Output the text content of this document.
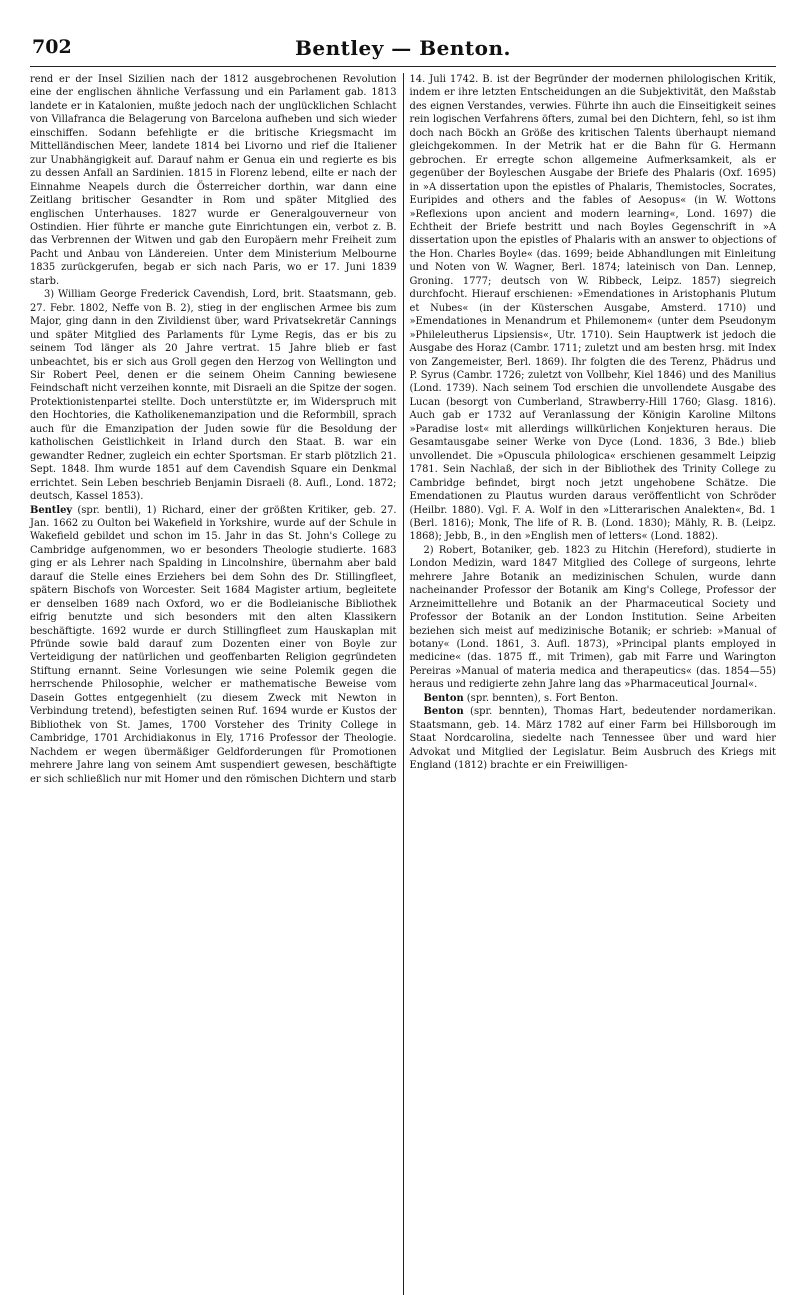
702	Bentley — Benton.

rend er der Insel Sizilien nach der 1812 ausgebrochenen Revolution eine der englischen ähnliche Verfassung und ein Parlament gab. 1813 landete er in Katalonien, mußte jedoch nach der unglücklichen Schlacht von Villafranca die Belagerung von Barcelona aufheben und sich wieder einschiffen. Sodann befehligte er die britische Kriegsmacht im Mittelländischen Meer, landete 1814 bei Livorno und rief die Italiener zur Unabhängigkeit auf. Darauf nahm er Genua ein und regierte es bis zu dessen Anfall an Sardinien. 1815 in Florenz lebend, eilte er nach der Einnahme Neapels durch die Österreicher dorthin, war dann eine Zeitlang britischer Gesandter in Rom und später Mitglied des englischen Unterhauses. 1827 wurde er Generalgouverneur von Ostindien. Hier führte er manche gute Einrichtungen ein, verbot z. B. das Verbrennen der Witwen und gab den Europäern mehr Freiheit zum Pacht und Anbau von Ländereien. Unter dem Ministerium Melbourne 1835 zurückgerufen, begab er sich nach Paris, wo er 17. Juni 1839 starb.

3) William George Frederick Cavendish, Lord, brit. Staatsmann, geb. 27. Febr. 1802, Neffe von B. 2), stieg in der englischen Armee bis zum Major, ging dann in den Zivildienst über, ward Privatsekretär Cannings und später Mitglied des Parlaments für Lyme Regis, das er bis zu seinem Tod länger als 20 Jahre vertrat. 15 Jahre blieb er fast unbeachtet, bis er sich aus Groll gegen den Herzog von Wellington und Sir Robert Peel, denen er die seinem Oheim Canning bewiesene Feindschaft nicht verzeihen konnte, mit Disraeli an die Spitze der sogen. Protektionistenpartei stellte. Doch unterstützte er, im Widerspruch mit den Hochtories, die Katholikenemanzipation und die Reformbill, sprach auch für die Emanzipation der Juden sowie für die Besoldung der katholischen Geistlichkeit in Irland durch den Staat. B. war ein gewandter Redner, zugleich ein echter Sportsman. Er starb plötzlich 21. Sept. 1848. Ihm wurde 1851 auf dem Cavendish Square ein Denkmal errichtet. Sein Leben beschrieb Benjamin Disraeli (8. Aufl., Lond. 1872; deutsch, Kassel 1853).

Bentley (spr. bentli), 1) Richard, einer der größten Kritiker, geb. 27. Jan. 1662 zu Oulton bei Wakefield in Yorkshire, wurde auf der Schule in Wakefield gebildet und schon im 15. Jahr in das St. John's College zu Cambridge aufgenommen, wo er besonders Theologie studierte. 1683 ging er als Lehrer nach Spalding in Lincolnshire, übernahm aber bald darauf die Stelle eines Erziehers bei dem Sohn des Dr. Stillingfleet, spätern Bischofs von Worcester. Seit 1684 Magister artium, begleitete er denselben 1689 nach Oxford, wo er die Bodleianische Bibliothek eifrig benutzte und sich besonders mit den alten Klassikern beschäftigte. 1692 wurde er durch Stillingfleet zum Hauskaplan mit Pfründe sowie bald darauf zum Dozenten einer von Boyle zur Verteidigung der natürlichen und geoffenbarten Religion gegründeten Stiftung ernannt. Seine Vorlesungen wie seine Polemik gegen die herrschende Philosophie, welcher er mathematische Beweise vom Dasein Gottes entgegenhielt (zu diesem Zweck mit Newton in Verbindung tretend), befestigten seinen Ruf. 1694 wurde er Kustos der Bibliothek von St. James, 1700 Vorsteher des Trinity College in Cambridge, 1701 Archidiakonus in Ely, 1716 Professor der Theologie. Nachdem er wegen übermäßiger Geldforderungen für Promotionen mehrere Jahre lang von seinem Amt suspendiert gewesen, beschäftigte er sich schließlich nur mit Homer und den römischen Dichtern und starb

14. Juli 1742. B. ist der Begründer der modernen philologischen Kritik, indem er ihre letzten Entscheidungen an die Subjektivität, den Maßstab des eignen Verstandes, verwies. Führte ihn auch die Einseitigkeit seines rein logischen Verfahrens öfters, zumal bei den Dichtern, fehl, so ist ihm doch nach Böckh an Größe des kritischen Talents überhaupt niemand gleichgekommen. In der Metrik hat er die Bahn für G. Hermann gebrochen. Er erregte schon allgemeine Aufmerksamkeit, als er gegenüber der Boyleschen Ausgabe der Briefe des Phalaris (Oxf. 1695) in »A dissertation upon the epistles of Phalaris, Themistocles, Socrates, Euripides and others and the fables of Aesopus« (in W. Wottons »Reflexions upon ancient and modern learning«, Lond. 1697) die Echtheit der Briefe bestritt und nach Boyles Gegenschrift in »A dissertation upon the epistles of Phalaris with an answer to objections of the Hon. Charles Boyle« (das. 1699; beide Abhandlungen mit Einleitung und Noten von W. Wagner, Berl. 1874; lateinisch von Dan. Lennep, Groning. 1777; deutsch von W. Ribbeck, Leipz. 1857) siegreich durchfocht. Hierauf erschienen: »Emendationes in Aristophanis Plutum et Nubes« (in der Küsterschen Ausgabe, Amsterd. 1710) und »Emendationes in Menandrum et Philemonem« (unter dem Pseudonym »Phileleutherus Lipsiensis«, Utr. 1710). Sein Hauptwerk ist jedoch die Ausgabe des Horaz (Cambr. 1711; zuletzt und am besten hrsg. mit Index von Zangemeister, Berl. 1869). Ihr folgten die des Terenz, Phädrus und P. Syrus (Cambr. 1726; zuletzt von Vollbehr, Kiel 1846) und des Manilius (Lond. 1739). Nach seinem Tod erschien die unvollendete Ausgabe des Lucan (besorgt von Cumberland, Strawberry-Hill 1760; Glasg. 1816). Auch gab er 1732 auf Veranlassung der Königin Karoline Miltons »Paradise lost« mit allerdings willkürlichen Konjekturen heraus. Die Gesamtausgabe seiner Werke von Dyce (Lond. 1836, 3 Bde.) blieb unvollendet. Die »Opuscula philologica« erschienen gesammelt Leipzig 1781. Sein Nachlaß, der sich in der Bibliothek des Trinity College zu Cambridge befindet, birgt noch jetzt ungehobene Schätze. Die Emendationen zu Plautus wurden daraus veröffentlicht von Schröder (Heilbr. 1880). Vgl. F. A. Wolf in den »Litterarischen Analekten«, Bd. 1 (Berl. 1816); Monk, The life of R. B. (Lond. 1830); Mähly, R. B. (Leipz. 1868); Jebb, B., in den »English men of letters« (Lond. 1882).

2) Robert, Botaniker, geb. 1823 zu Hitchin (Hereford), studierte in London Medizin, ward 1847 Mitglied des College of surgeons, lehrte mehrere Jahre Botanik an medizinischen Schulen, wurde dann nacheinander Professor der Botanik am King's College, Professor der Arzneimittellehre und Botanik an der Pharmaceutical Society und Professor der Botanik an der London Institution. Seine Arbeiten beziehen sich meist auf medizinische Botanik; er schrieb: »Manual of botany« (Lond. 1861, 3. Aufl. 1873), »Principal plants employed in medicine« (das. 1875 ff., mit Trimen), gab mit Farre und Warington Pereiras »Manual of materia medica and therapeutics« (das. 1854—55) heraus und redigierte zehn Jahre lang das »Pharmaceutical Journal«.

Benton (spr. bennten), s. Fort Benton.

Benton (spr. bennten), Thomas Hart, bedeutender nordamerikan. Staatsmann, geb. 14. März 1782 auf einer Farm bei Hillsborough im Staat Nordcarolina, siedelte nach Tennessee über und ward hier Advokat und Mitglied der Legislatur. Beim Ausbruch des Kriegs mit England (1812) brachte er ein Freiwilligen-
